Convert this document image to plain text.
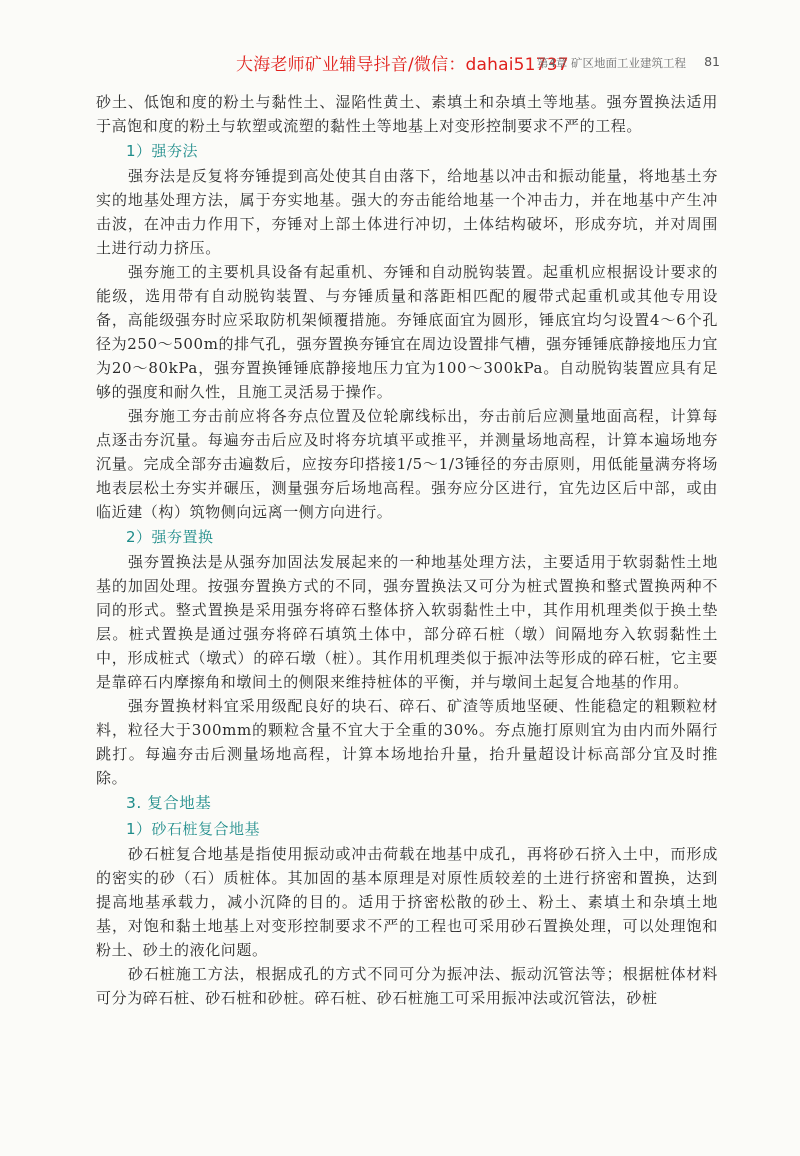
大海老师矿业辅导抖音/微信：dahai51737
第4章 矿区地面工业建筑工程 81

砂土、低饱和度的粉土与黏性土、湿陷性黄土、素填土和杂填土等地基。强夯置换法适用于高饱和度的粉土与软塑或流塑的黏性土等地基上对变形控制要求不严的工程。

1）强夯法

强夯法是反复将夯锤提到高处使其自由落下，给地基以冲击和振动能量，将地基土夯实的地基处理方法，属于夯实地基。强大的夯击能给地基一个冲击力，并在地基中产生冲击波，在冲击力作用下，夯锤对上部土体进行冲切，土体结构破坏，形成夯坑，并对周围土进行动力挤压。

强夯施工的主要机具设备有起重机、夯锤和自动脱钩装置。起重机应根据设计要求的能级，选用带有自动脱钩装置、与夯锤质量和落距相匹配的履带式起重机或其他专用设备，高能级强夯时应采取防机架倾覆措施。夯锤底面宜为圆形，锤底宜均匀设置4～6个孔径为250～500m的排气孔，强夯置换夯锤宜在周边设置排气槽，强夯锤锤底静接地压力宜为20～80kPa，强夯置换锤锤底静接地压力宜为100～300kPa。自动脱钩装置应具有足够的强度和耐久性，且施工灵活易于操作。

强夯施工夯击前应将各夯点位置及位轮廓线标出，夯击前后应测量地面高程，计算每点逐击夯沉量。每遍夯击后应及时将夯坑填平或推平，并测量场地高程，计算本遍场地夯沉量。完成全部夯击遍数后，应按夯印搭接1/5～1/3锤径的夯击原则，用低能量满夯将场地表层松土夯实并碾压，测量强夯后场地高程。强夯应分区进行，宜先边区后中部，或由临近建（构）筑物侧向远离一侧方向进行。

2）强夯置换

强夯置换法是从强夯加固法发展起来的一种地基处理方法，主要适用于软弱黏性土地基的加固处理。按强夯置换方式的不同，强夯置换法又可分为桩式置换和整式置换两种不同的形式。整式置换是采用强夯将碎石整体挤入软弱黏性土中，其作用机理类似于换土垫层。桩式置换是通过强夯将碎石填筑土体中，部分碎石桩（墩）间隔地夯入软弱黏性土中，形成桩式（墩式）的碎石墩（桩）。其作用机理类似于振冲法等形成的碎石桩，它主要是靠碎石内摩擦角和墩间土的侧限来维持桩体的平衡，并与墩间土起复合地基的作用。

强夯置换材料宜采用级配良好的块石、碎石、矿渣等质地坚硬、性能稳定的粗颗粒材料，粒径大于300mm的颗粒含量不宜大于全重的30%。夯点施打原则宜为由内而外隔行跳打。每遍夯击后测量场地高程，计算本场地抬升量，抬升量超设计标高部分宜及时推除。

3. 复合地基
1）砂石桩复合地基

砂石桩复合地基是指使用振动或冲击荷载在地基中成孔，再将砂石挤入土中，而形成的密实的砂（石）质桩体。其加固的基本原理是对原性质较差的土进行挤密和置换，达到提高地基承载力，减小沉降的目的。适用于挤密松散的砂土、粉土、素填土和杂填土地基，对饱和黏土地基上对变形控制要求不严的工程也可采用砂石置换处理，可以处理饱和粉土、砂土的液化问题。

砂石桩施工方法，根据成孔的方式不同可分为振冲法、振动沉管法等；根据桩体材料可分为碎石桩、砂石桩和砂桩。碎石桩、砂石桩施工可采用振冲法或沉管法，砂桩
